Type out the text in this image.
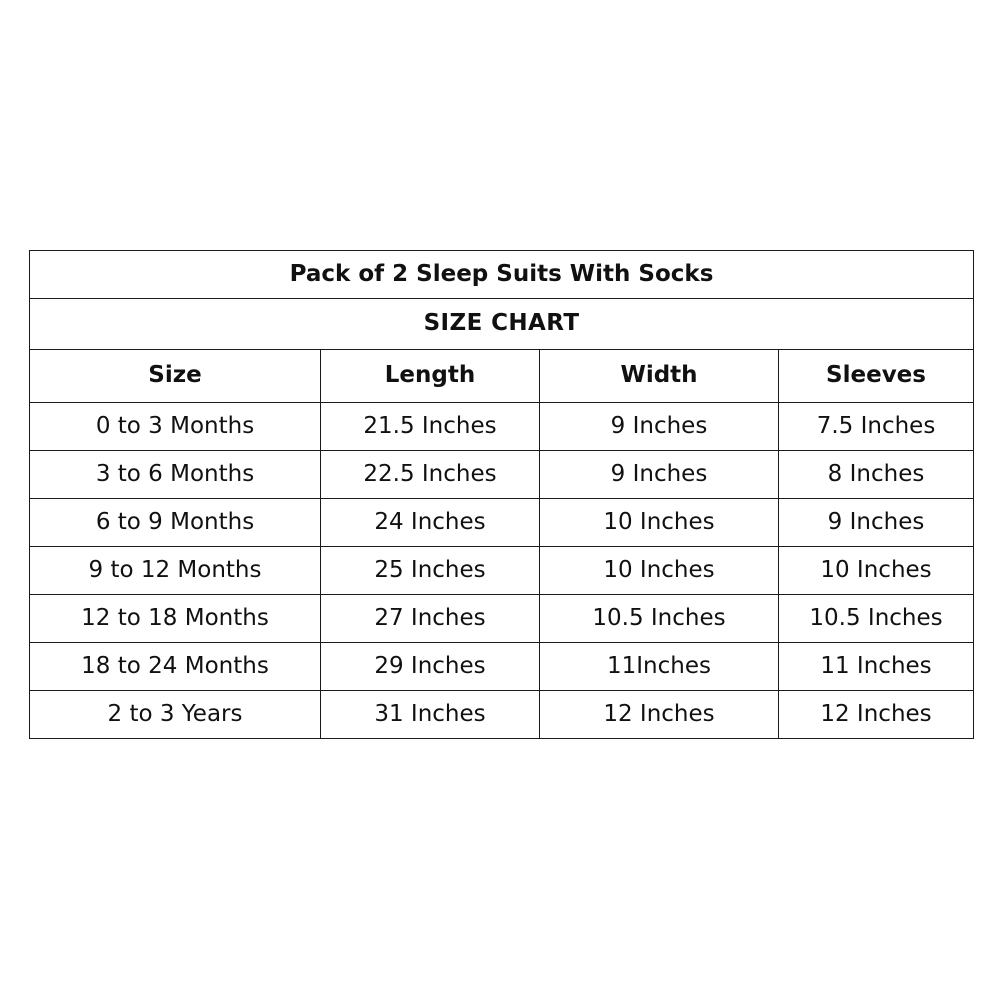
Pack of 2 Sleep Suits With Socks			
SIZE CHART			
Size	Length	Width	Sleeves
0 to 3 Months	21.5 Inches	9 Inches	7.5 Inches
3 to 6 Months	22.5 Inches	9 Inches	8 Inches
6 to 9 Months	24 Inches	10 Inches	9 Inches
9 to 12 Months	25 Inches	10 Inches	10 Inches
12 to 18 Months	27 Inches	10.5 Inches	10.5 Inches
18 to 24 Months	29 Inches	11Inches	11 Inches
2 to 3 Years	31 Inches	12 Inches	12 Inches
